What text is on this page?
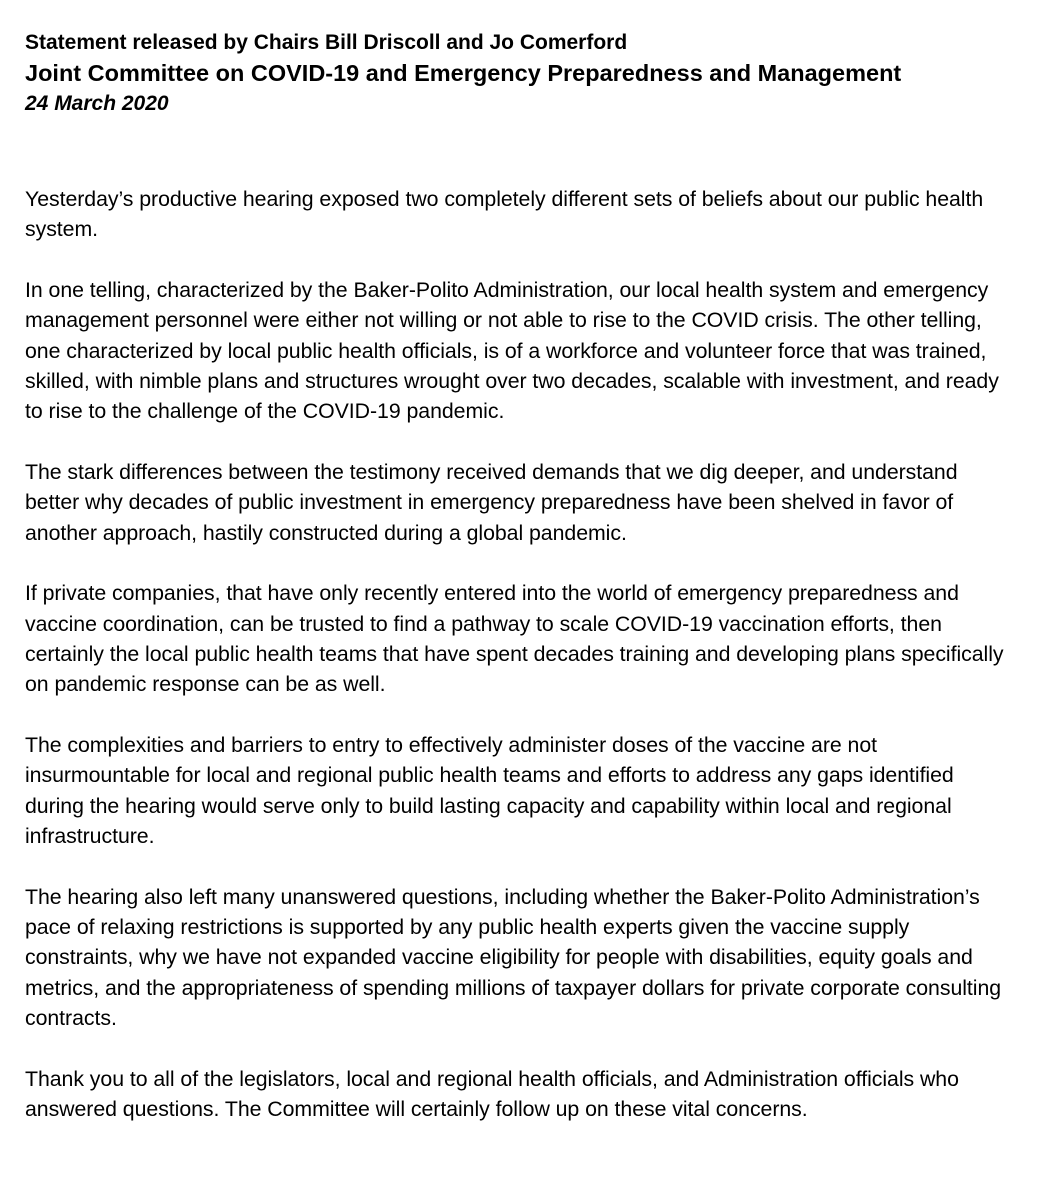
Statement released by Chairs Bill Driscoll and Jo Comerford

Joint Committee on COVID-19 and Emergency Preparedness and Management

24 March 2020

Yesterday’s productive hearing exposed two completely different sets of beliefs about our public health system.

In one telling, characterized by the Baker-Polito Administration, our local health system and emergency management personnel were either not willing or not able to rise to the COVID crisis. The other telling, one characterized by local public health officials, is of a workforce and volunteer force that was trained, skilled, with nimble plans and structures wrought over two decades, scalable with investment, and ready to rise to the challenge of the COVID-19 pandemic.

The stark differences between the testimony received demands that we dig deeper, and understand better why decades of public investment in emergency preparedness have been shelved in favor of another approach, hastily constructed during a global pandemic.

If private companies, that have only recently entered into the world of emergency preparedness and vaccine coordination, can be trusted to find a pathway to scale COVID-19 vaccination efforts, then certainly the local public health teams that have spent decades training and developing plans specifically on pandemic response can be as well.

The complexities and barriers to entry to effectively administer doses of the vaccine are not insurmountable for local and regional public health teams and efforts to address any gaps identified during the hearing would serve only to build lasting capacity and capability within local and regional infrastructure.

The hearing also left many unanswered questions, including whether the Baker-Polito Administration’s pace of relaxing restrictions is supported by any public health experts given the vaccine supply constraints, why we have not expanded vaccine eligibility for people with disabilities, equity goals and metrics, and the appropriateness of spending millions of taxpayer dollars for private corporate consulting contracts.

Thank you to all of the legislators, local and regional health officials, and Administration officials who answered questions. The Committee will certainly follow up on these vital concerns.
